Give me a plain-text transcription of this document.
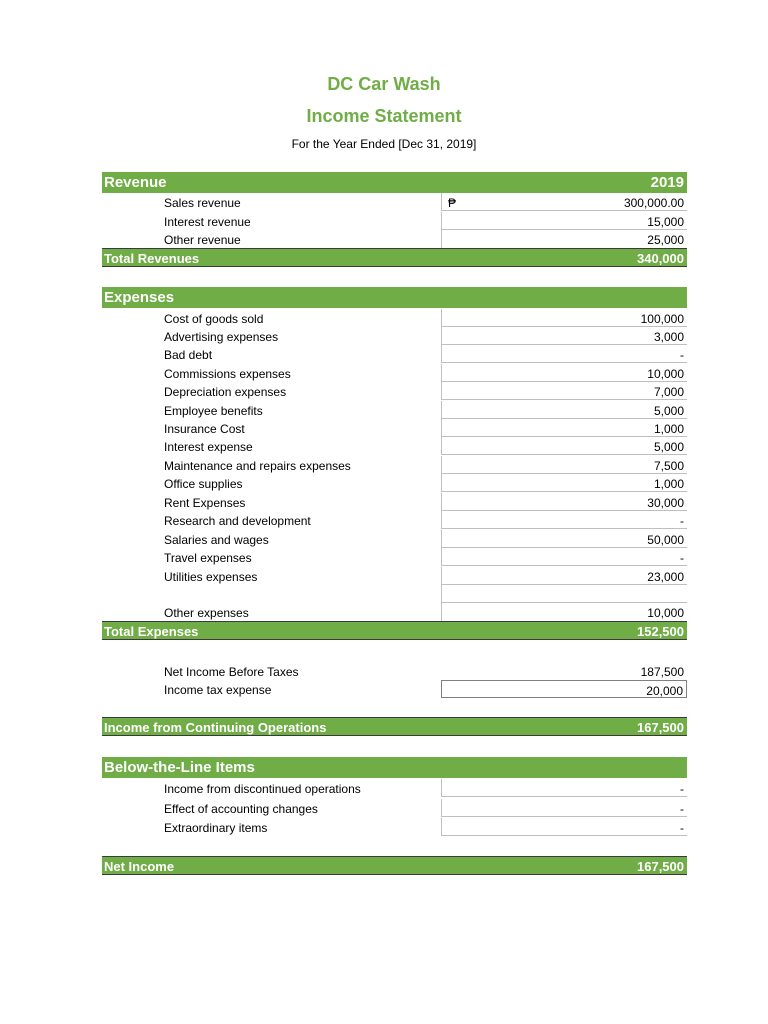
DC Car Wash
Income Statement
For the Year Ended [Dec 31, 2019]
Revenue	2019
Sales revenue	₱	300,000.00
Interest revenue	15,000
Other revenue	25,000
Total Revenues	340,000
Expenses
Cost of goods sold	100,000
Advertising expenses	3,000
Bad debt	-
Commissions expenses	10,000
Depreciation expenses	7,000
Employee benefits	5,000
Insurance Cost	1,000
Interest expense	5,000
Maintenance and repairs expenses	7,500
Office supplies	1,000
Rent Expenses	30,000
Research and development	-
Salaries and wages	50,000
Travel expenses	-
Utilities expenses	23,000
Other expenses	10,000
Total Expenses	152,500
Net Income Before Taxes	187,500
Income tax expense	20,000
Income from Continuing Operations	167,500
Below-the-Line Items
Income from discontinued operations	-
Effect of accounting changes	-
Extraordinary items	-
Net Income	167,500
